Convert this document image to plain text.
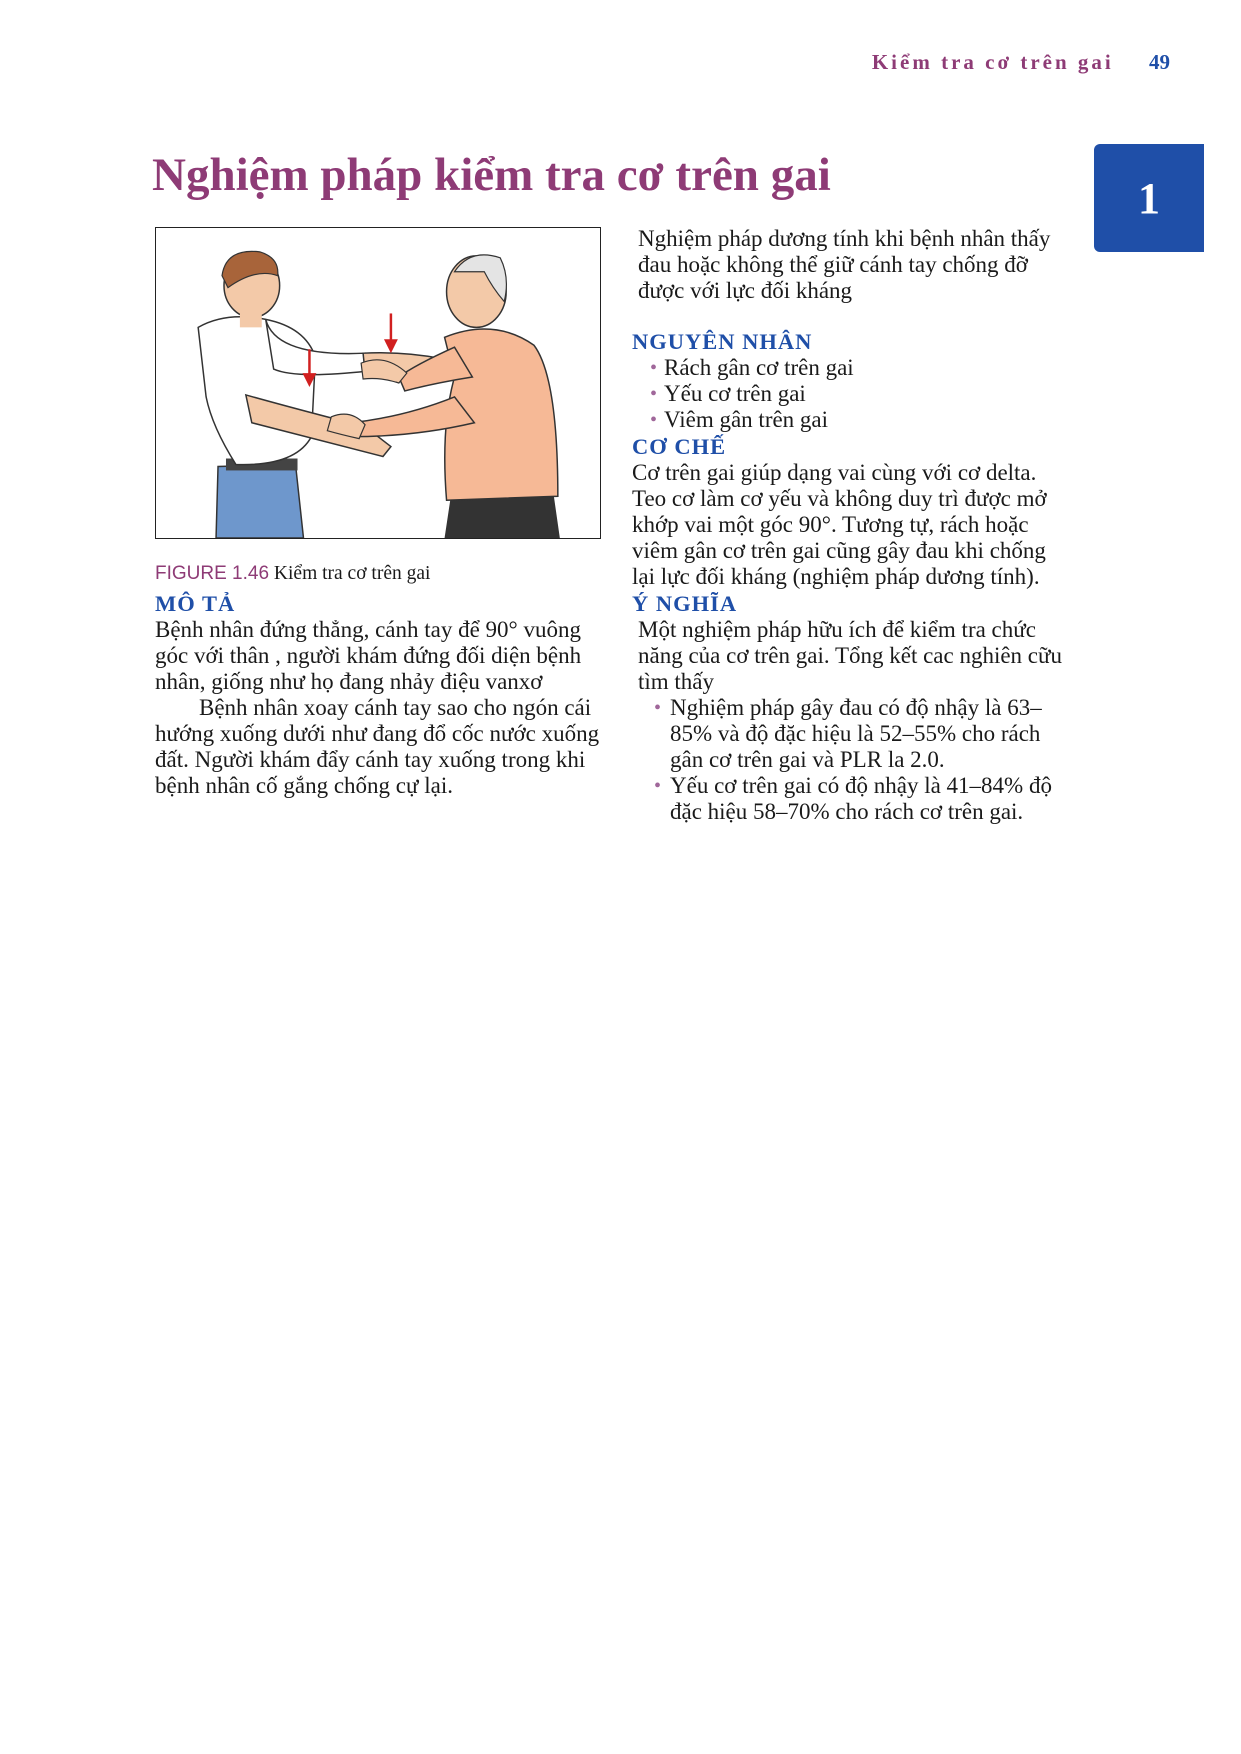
Kiểm tra cơ trên gai 49
1
Nghiệm pháp kiểm tra cơ trên gai
FIGURE 1.46 Kiểm tra cơ trên gai
MÔ TẢ

Bệnh nhân đứng thẳng, cánh tay để 90° vuông góc với thân , người khám đứng đối diện bệnh nhân, giống như họ đang nhảy điệu vanxơ

Bệnh nhân xoay cánh tay sao cho ngón cái hướng xuống dưới như đang đổ cốc nước xuống đất. Người khám đẩy cánh tay xuống trong khi bệnh nhân cố gắng chống cự lại.

Nghiệm pháp dương tính khi bệnh nhân thấy đau hoặc không thể giữ cánh tay chống đỡ được với lực đối kháng

NGUYÊN NHÂN
• Rách gân cơ trên gai
• Yếu cơ trên gai
• Viêm gân trên gai
CƠ CHẾ

Cơ trên gai giúp dạng vai cùng với cơ delta. Teo cơ làm cơ yếu và không duy trì được mở khớp vai một góc 90°. Tương tự, rách hoặc viêm gân cơ trên gai cũng gây đau khi chống lại lực đối kháng (nghiệm pháp dương tính).

Ý NGHĨA

Một nghiệm pháp hữu ích để kiểm tra chức năng của cơ trên gai. Tổng kết cac nghiên cữu tìm thấy

• Nghiệm pháp gây đau có độ nhậy là 63–85% và độ đặc hiệu là 52–55% cho rách gân cơ trên gai và PLR la 2.0.
• Yếu cơ trên gai có độ nhậy là 41–84% độ đặc hiệu 58–70% cho rách cơ trên gai.
